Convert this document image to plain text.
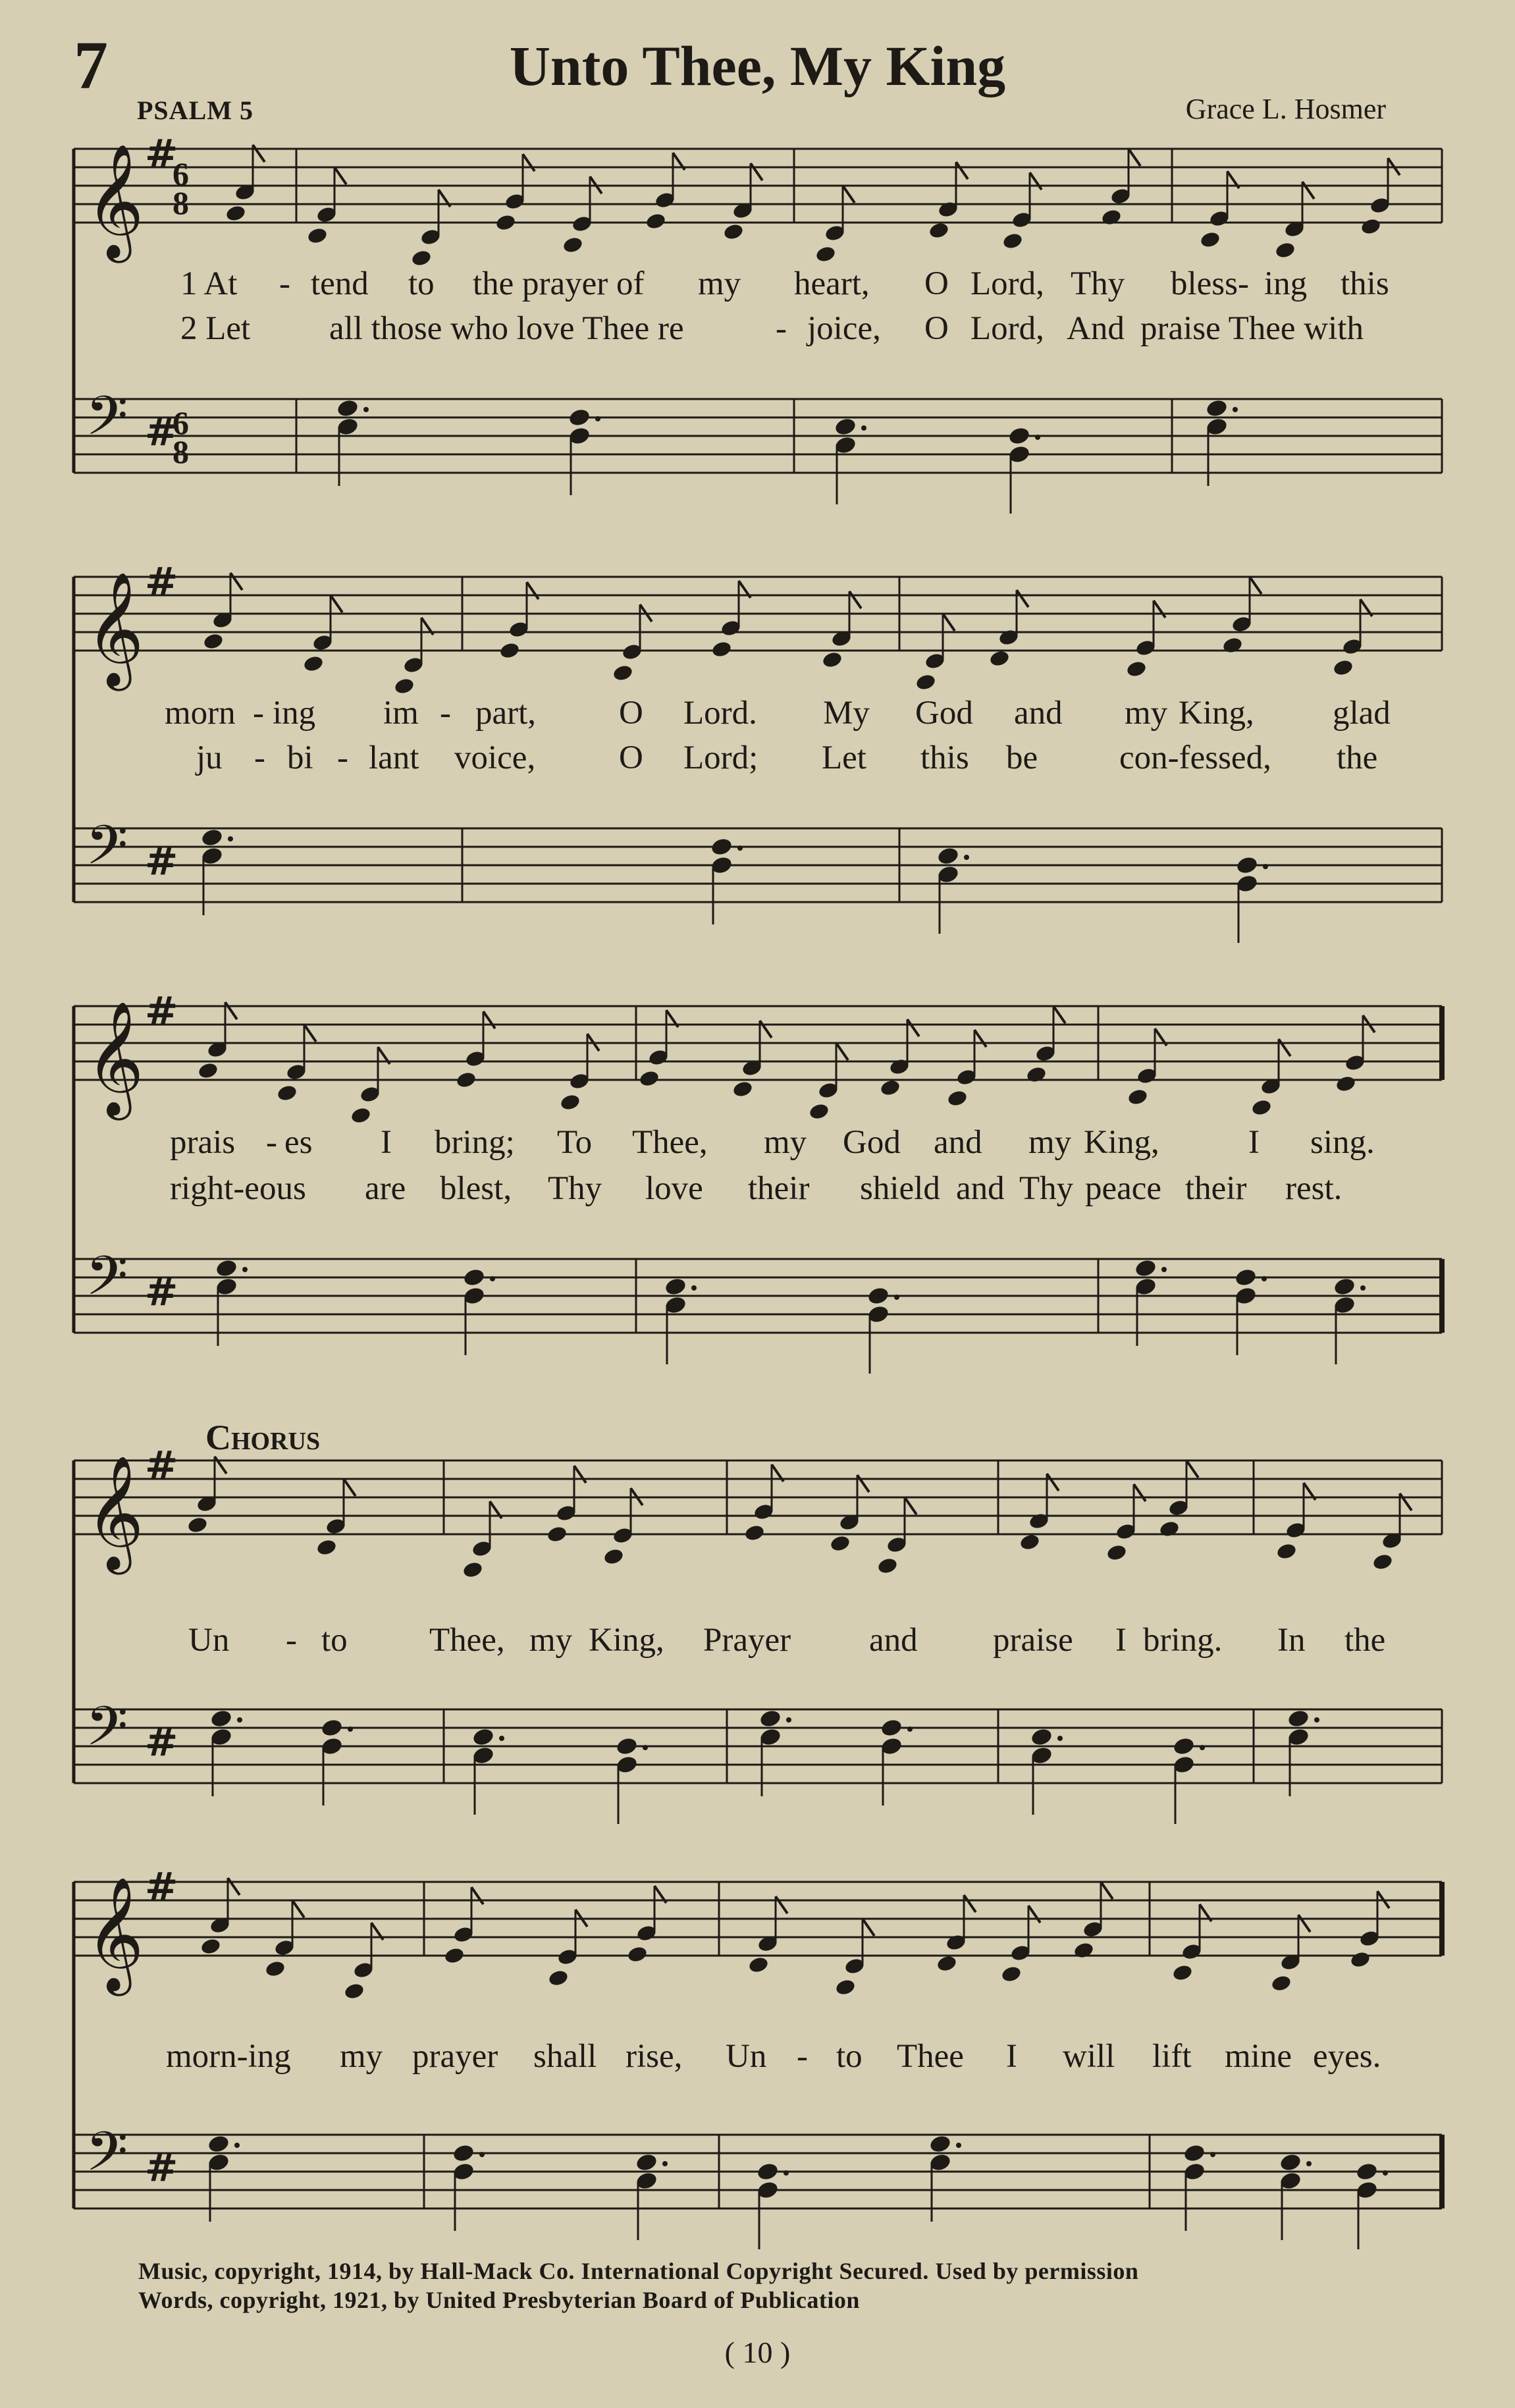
7	Unto Thee, My King
PSALM 5	Grace L. Hosmer
𝄞
𝄢
#
#
𝄞
𝄢
#
#
𝄞
𝄢
#
#
𝄞
𝄢
#
#
𝄞
𝄢
#
#
6
8
6
8
1 At - tend to the prayer of my heart, O Lord, Thy bless- ing this
2 Let all those who love Thee re	- joice, O Lord, And praise Thee with
morn - ing im - part, O Lord. My God and my King, glad
ju - bi - lant voice, O Lord; Let this be con-fessed, the
prais - es I bring; To Thee, my God and my King,	I sing.
right-eous are blest, Thy love their shield and Thy peace their rest.
Chorus
Un - to Thee, my King, Prayer and praise I bring. In the
morn-ing my prayer shall rise, Un - to Thee I will lift mine eyes.
Music, copyright, 1914, by Hall-Mack Co. International Copyright Secured. Used by permission
Words, copyright, 1921, by United Presbyterian Board of Publication
( 10 )
